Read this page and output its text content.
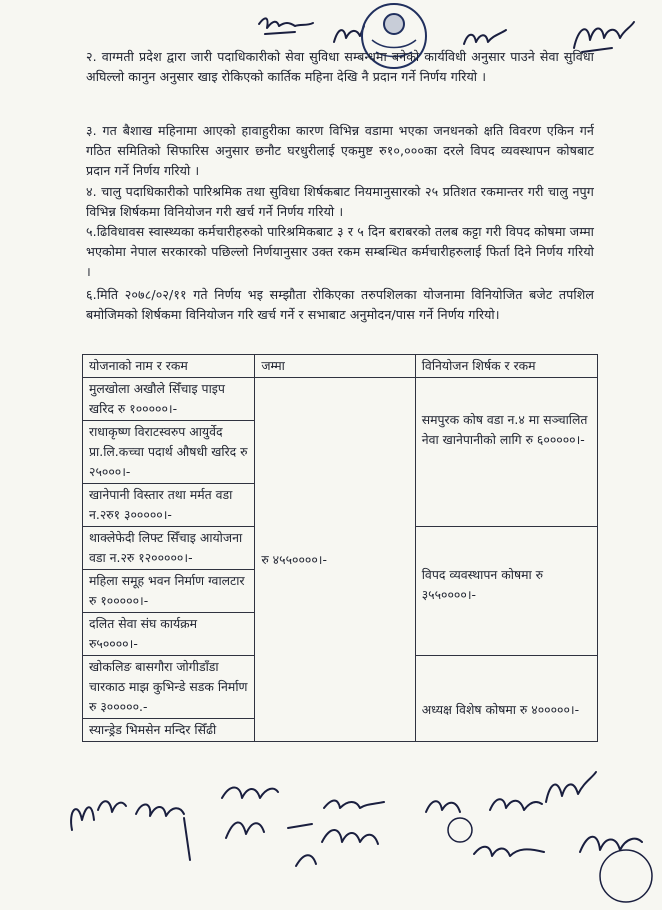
२. वाग्मती प्रदेश द्वारा जारी पदाधिकारीको सेवा सुविधा सम्बन्धमा बनेको कार्यविधी अनुसार पाउने सेवा सुविधा अघिल्लो कानुन अनुसार खाइ रोकिएको कार्तिक महिना देखि नै प्रदान गर्ने निर्णय गरियो ।
३. गत बैशाख महिनामा आएको हावाहुरीका कारण विभिन्न वडामा भएका जनधनको क्षति विवरण एकिन गर्न गठित समितिको सिफारिस अनुसार छनौट घरधुरीलाई एकमुष्ट रु१०,०००का दरले विपद व्यवस्थापन कोषबाट प्रदान गर्ने निर्णय गरियो ।
४. चालु पदाधिकारीको पारिश्रमिक तथा सुविधा शिर्षकबाट नियमानुसारको २५ प्रतिशत रकमान्तर गरी चालु नपुग विभिन्न शिर्षकमा विनियोजन गरी खर्च गर्ने निर्णय गरियो ।
५.ढिविधावस स्वास्थ्यका कर्मचारीहरुको पारिश्रमिकबाट ३ र ५ दिन बराबरको तलब कट्टा गरी विपद कोषमा जम्मा भएकोमा नेपाल सरकारको पछिल्लो निर्णयानुसार उक्त रकम सम्बन्धित कर्मचारीहरुलाई फिर्ता दिने निर्णय गरियो ।
६.मिति २०७८/०२/११ गते निर्णय भइ सम्झौता रोकिएका तरुपशिलका योजनामा विनियोजित बजेट तपशिल बमोजिमको शिर्षकमा विनियोजन गरि खर्च गर्ने र सभाबाट अनुमोदन/पास गर्ने निर्णय गरियो।
योजनाको नाम र रकम	जम्मा	विनियोजन शिर्षक र रकम
मुलखोला अखौले सिँचाइ पाइप खरिद रु १०००००।-	रु ४५५००००।-	समपुरक कोष वडा न.४ मा सञ्चालित नेवा खानेपानीको लागि रु ६०००००।-
राधाकृष्ण विराटस्वरुप आयुर्वेद प्रा.लि.कच्चा पदार्थ औषधी खरिद रु २५०००।-		
खानेपानी विस्तार तथा मर्मत वडा न.२रु१ ३०००००।-		
थाक्लेफेदी लिफ्ट सिँचाइ आयोजना वडा न.२रु १२०००००।-		विपद व्यवस्थापन कोषमा रु ३५५००००।-
महिला समूह भवन निर्माण ग्वालटार रु १०००००।-		
दलित सेवा संघ कार्यक्रम रु५००००।-		
खोकलिङ बासगौरा जोगीडाँडा चारकाठ माझ कुभिन्डे सडक निर्माण रु ३०००००.-		अध्यक्ष विशेष कोषमा रु ४०००००।-
स्यान्ड्रेड भिमसेन मन्दिर सिँढी		
